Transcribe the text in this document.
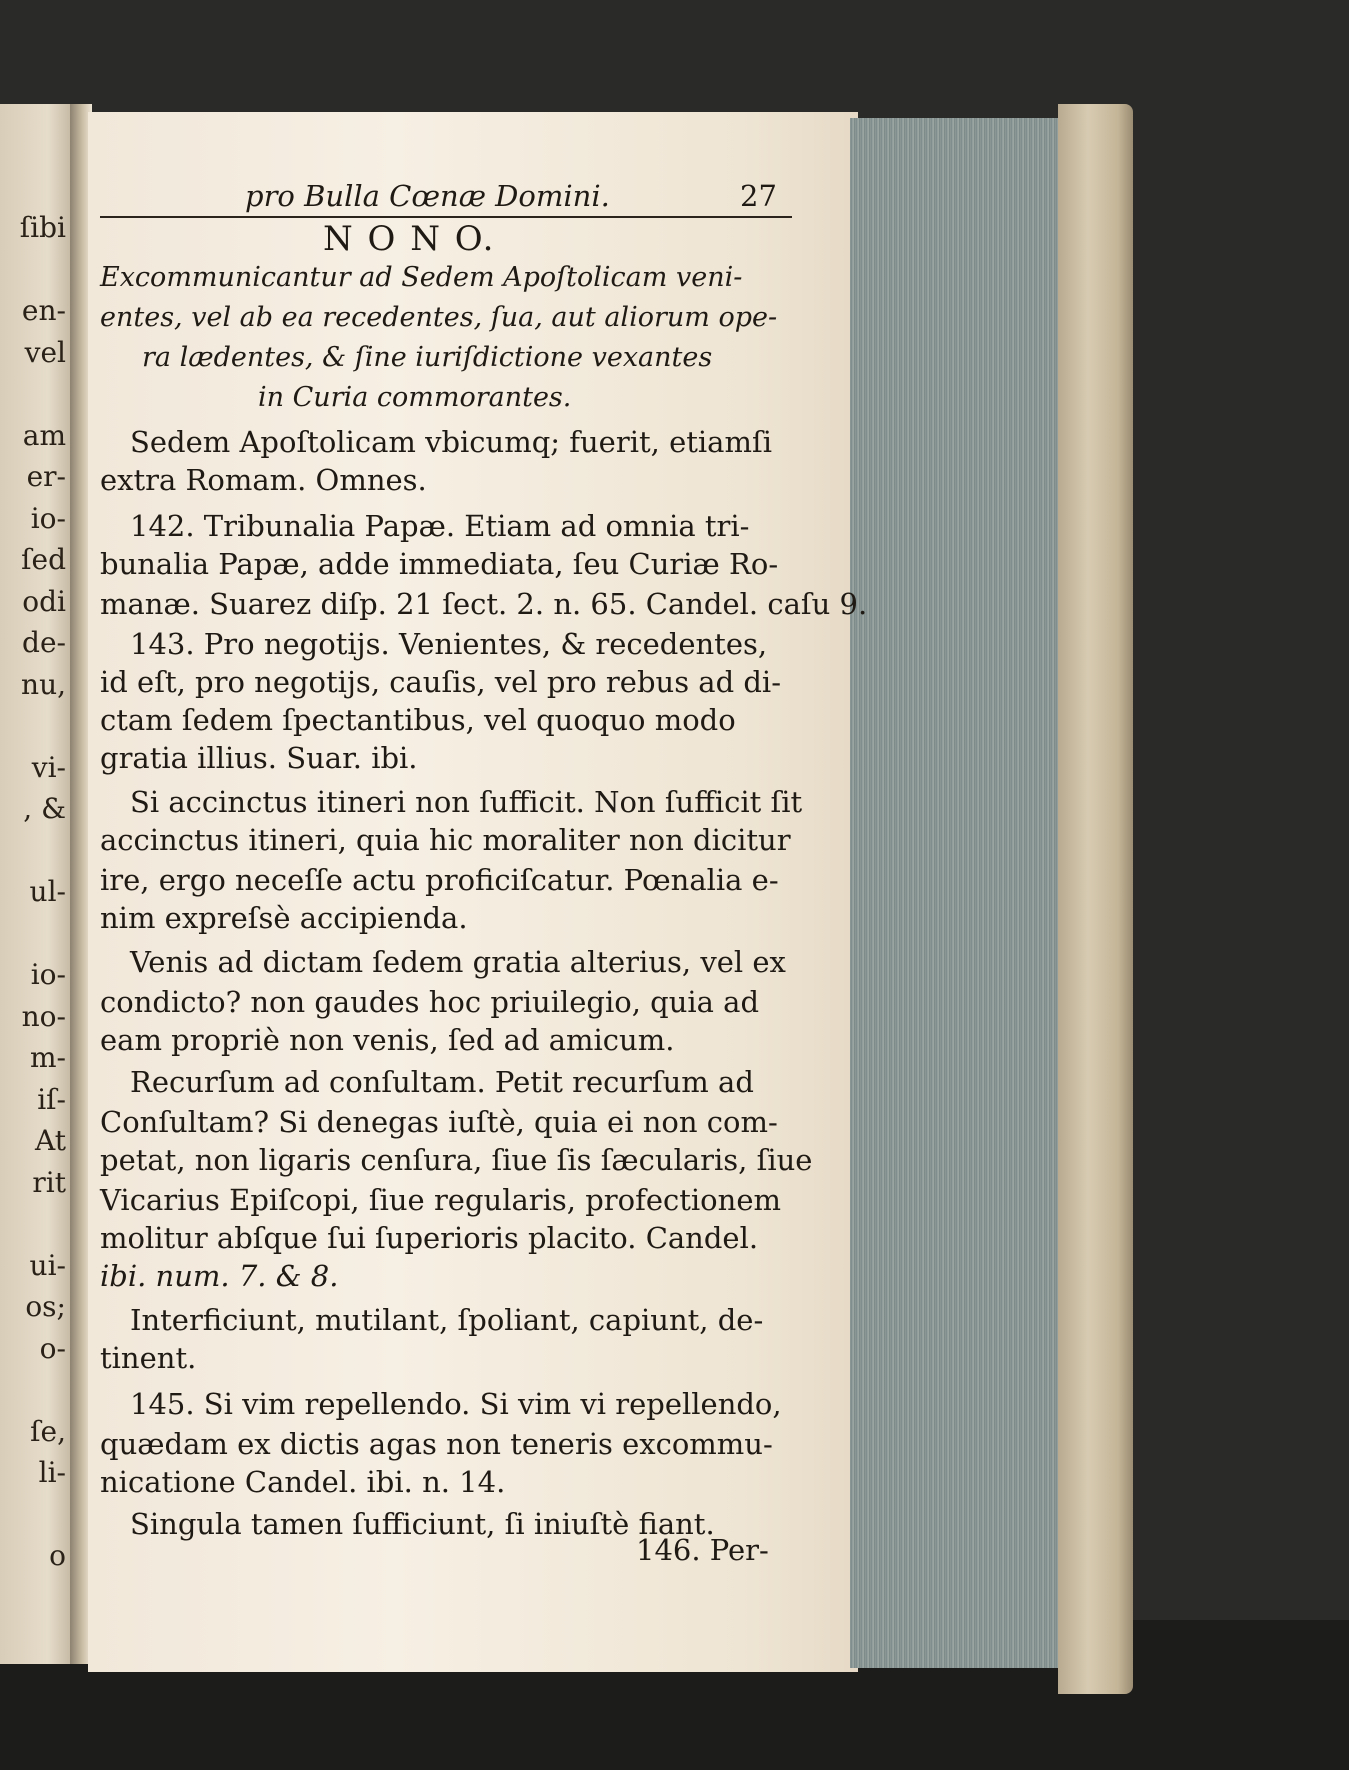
ſibi
en-
vel
am
er-
io-
ſed
odi
de-
nu,
vi-
, &
ul-
io-
no-
m-
iſ-
At
rit
ui-
os;
o-
ſe,
li-
o
pro Bulla Cœnæ Domini.	27
N O N O.
Excommunicantur ad Sedem Apoſtolicam veni-
entes, vel ab ea recedentes, ſua, aut aliorum ope-
ra lædentes, & ſine iuriſdictione vexantes
in Curia commorantes.
Sedem Apoſtolicam vbicumq; fuerit, etiamſi
extra Romam. Omnes.
142. Tribunalia Papæ. Etiam ad omnia tri-
bunalia Papæ, adde immediata, ſeu Curiæ Ro-
manæ. Suarez diſp. 21 ſect. 2. n. 65. Candel. caſu 9.
143. Pro negotijs. Venientes, & recedentes,
id eſt, pro negotijs, cauſis, vel pro rebus ad di-
ctam ſedem ſpectantibus, vel quoquo modo
gratia illius. Suar. ibi.
Si accinctus itineri non ſufficit. Non ſufficit ſit
accinctus itineri, quia hic moraliter non dicitur
ire, ergo neceſſe actu proficiſcatur. Pœnalia e-
nim expreſsè accipienda.
Venis ad dictam ſedem gratia alterius, vel ex
condicto? non gaudes hoc priuilegio, quia ad
eam propriè non venis, ſed ad amicum.
Recurſum ad conſultam. Petit recurſum ad
Conſultam? Si denegas iuſtè, quia ei non com-
petat, non ligaris cenſura, ſiue ſis ſæcularis, ſiue
Vicarius Epiſcopi, ſiue regularis, profectionem
molitur abſque ſui ſuperioris placito. Candel.
ibi. num. 7. & 8.
Interficiunt, mutilant, ſpoliant, capiunt, de-
tinent.
145. Si vim repellendo. Si vim vi repellendo,
quædam ex dictis agas non teneris excommu-
nicatione Candel. ibi. n. 14.
Singula tamen ſufficiunt, ſi iniuſtè fiant.
146. Per-
